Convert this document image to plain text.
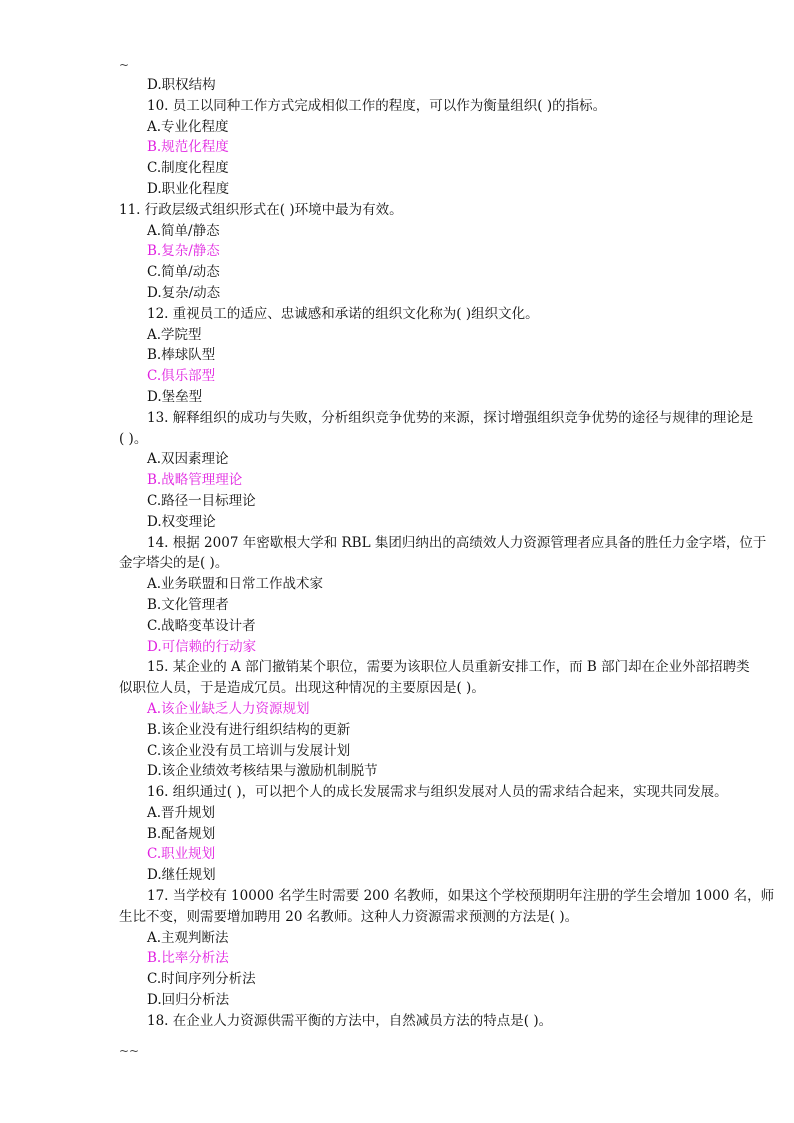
~
D.职权结构
10. 员工以同种工作方式完成相似工作的程度，可以作为衡量组织( )的指标。
A.专业化程度
B.规范化程度
C.制度化程度
D.职业化程度
11. 行政层级式组织形式在( )环境中最为有效。
A.简单/静态
B.复杂/静态
C.简单/动态
D.复杂/动态
12. 重视员工的适应、忠诚感和承诺的组织文化称为( )组织文化。
A.学院型
B.棒球队型
C.俱乐部型
D.堡垒型
13. 解释组织的成功与失败，分析组织竞争优势的来源，探讨增强组织竞争优势的途径与规律的理论是
( )。
A.双因素理论
B.战略管理理论
C.路径一目标理论
D.权变理论
14. 根据 2007 年密歇根大学和 RBL 集团归纳出的高绩效人力资源管理者应具备的胜任力金字塔，位于
金字塔尖的是( )。
A.业务联盟和日常工作战术家
B.文化管理者
C.战略变革设计者
D.可信赖的行动家
15. 某企业的 A 部门撤销某个职位，需要为该职位人员重新安排工作，而 B 部门却在企业外部招聘类
似职位人员，于是造成冗员。出现这种情况的主要原因是( )。
A.该企业缺乏人力资源规划
B.该企业没有进行组织结构的更新
C.该企业没有员工培训与发展计划
D.该企业绩效考核结果与激励机制脱节
16. 组织通过( )，可以把个人的成长发展需求与组织发展对人员的需求结合起来，实现共同发展。
A.晋升规划
B.配备规划
C.职业规划
D.继任规划
17. 当学校有 10000 名学生时需要 200 名教师，如果这个学校预期明年注册的学生会增加 1000 名，师
生比不变，则需要增加聘用 20 名教师。这种人力资源需求预测的方法是( )。
A.主观判断法
B.比率分析法
C.时间序列分析法
D.回归分析法
18. 在企业人力资源供需平衡的方法中，自然减员方法的特点是( )。
~~
